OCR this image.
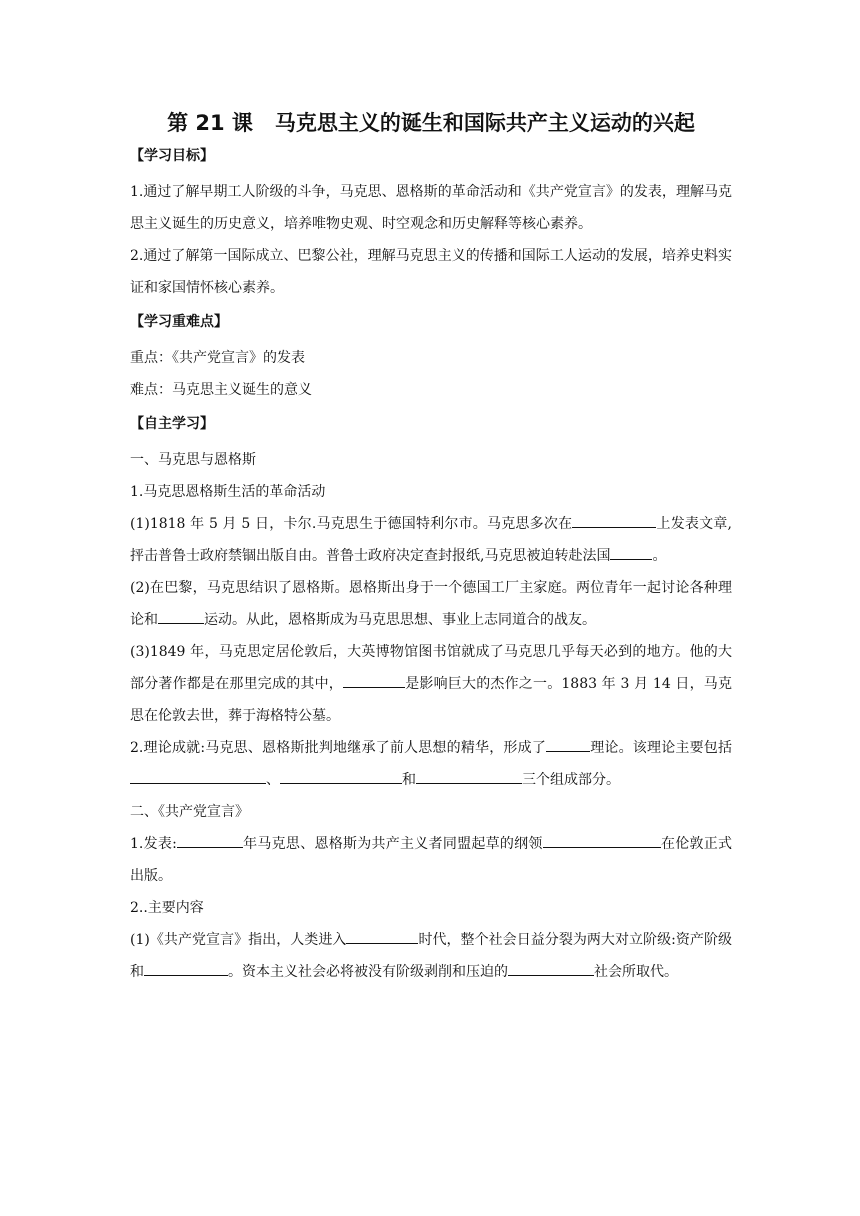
第 21 课 马克思主义的诞生和国际共产主义运动的兴起
【学习目标】

1.通过了解早期工人阶级的斗争，马克思、恩格斯的革命活动和《共产党宣言》的发表，理解马克思主义诞生的历史意义，培养唯物史观、时空观念和历史解释等核心素养。

2.通过了解第一国际成立、巴黎公社，理解马克思主义的传播和国际工人运动的发展，培养史料实证和家国情怀核心素养。

【学习重难点】

重点：《共产党宣言》的发表

难点：马克思主义诞生的意义

【自主学习】

一、马克思与恩格斯

1.马克思恩格斯生活的革命活动

(1)1818 年 5 月 5 日，卡尔.马克思生于德国特利尔市。马克思多次在	上发表文章,抨击普鲁士政府禁锢出版自由。普鲁士政府决定查封报纸,马克思被迫转赴法国	。

(2)在巴黎，马克思结识了恩格斯。恩格斯出身于一个德国工厂主家庭。两位青年一起讨论各种理论和	运动。从此，恩格斯成为马克思思想、事业上志同道合的战友。

(3)1849 年，马克思定居伦敦后，大英博物馆图书馆就成了马克思几乎每天必到的地方。他的大　部分著作都是在那里完成的其中，	是影响巨大的杰作之一。1883 年 3 月 14 日，马克思在伦敦去世，葬于海格特公墓。

2.理论成就:马克思、恩格斯批判地继承了前人思想的精华，形成了	理论。该理论主要包括、	和	三个组成部分。

二、《共产党宣言》

1.发表:	年马克思、恩格斯为共产主义者同盟起草的纲领	在伦敦正式出版。

2..主要内容

(1)《共产党宣言》指出，人类进入	时代，整个社会日益分裂为两大对立阶级:资产阶级和	。资本主义社会必将被没有阶级剥削和压迫的	社会所取代。
